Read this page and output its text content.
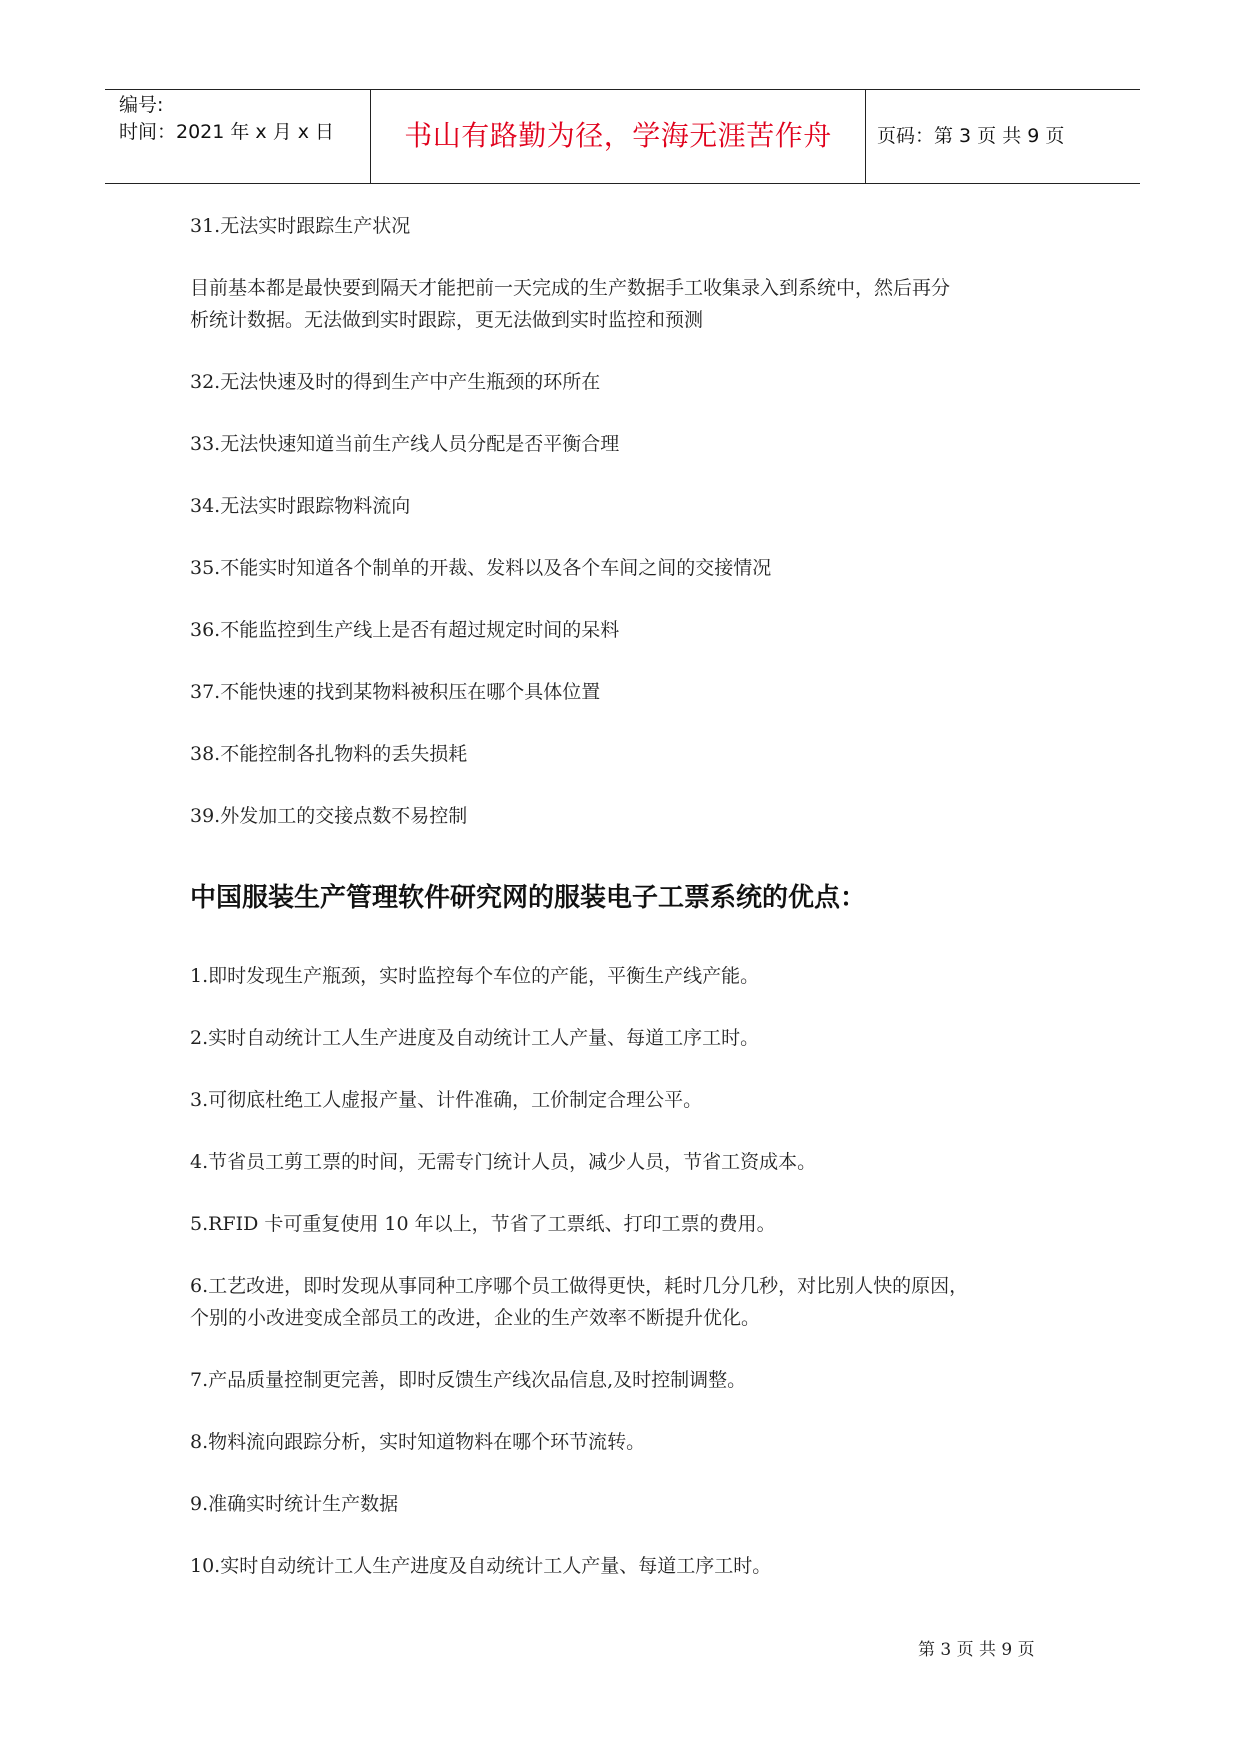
编号:
时间：2021 年 x 月 x 日	书山有路勤为径，学海无涯苦作舟	页码：第 3 页 共 9 页
31.无法实时跟踪生产状况
目前基本都是最快要到隔天才能把前一天完成的生产数据手工收集录入到系统中，然后再分
析统计数据。无法做到实时跟踪，更无法做到实时监控和预测
32.无法快速及时的得到生产中产生瓶颈的环所在
33.无法快速知道当前生产线人员分配是否平衡合理
34.无法实时跟踪物料流向
35.不能实时知道各个制单的开裁、发料以及各个车间之间的交接情况
36.不能监控到生产线上是否有超过规定时间的呆料
37.不能快速的找到某物料被积压在哪个具体位置
38.不能控制各扎物料的丢失损耗
39.外发加工的交接点数不易控制
中国服装生产管理软件研究网的服装电子工票系统的优点：
1.即时发现生产瓶颈，实时监控每个车位的产能，平衡生产线产能。
2.实时自动统计工人生产进度及自动统计工人产量、每道工序工时。
3.可彻底杜绝工人虚报产量、计件准确，工价制定合理公平。
4.节省员工剪工票的时间，无需专门统计人员，减少人员，节省工资成本。
5.RFID 卡可重复使用 10 年以上，节省了工票纸、打印工票的费用。
6.工艺改进，即时发现从事同种工序哪个员工做得更快，耗时几分几秒，对比别人快的原因，
个别的小改进变成全部员工的改进，企业的生产效率不断提升优化。
7.产品质量控制更完善，即时反馈生产线次品信息,及时控制调整。
8.物料流向跟踪分析，实时知道物料在哪个环节流转。
9.准确实时统计生产数据
10.实时自动统计工人生产进度及自动统计工人产量、每道工序工时。
第 3 页 共 9 页
